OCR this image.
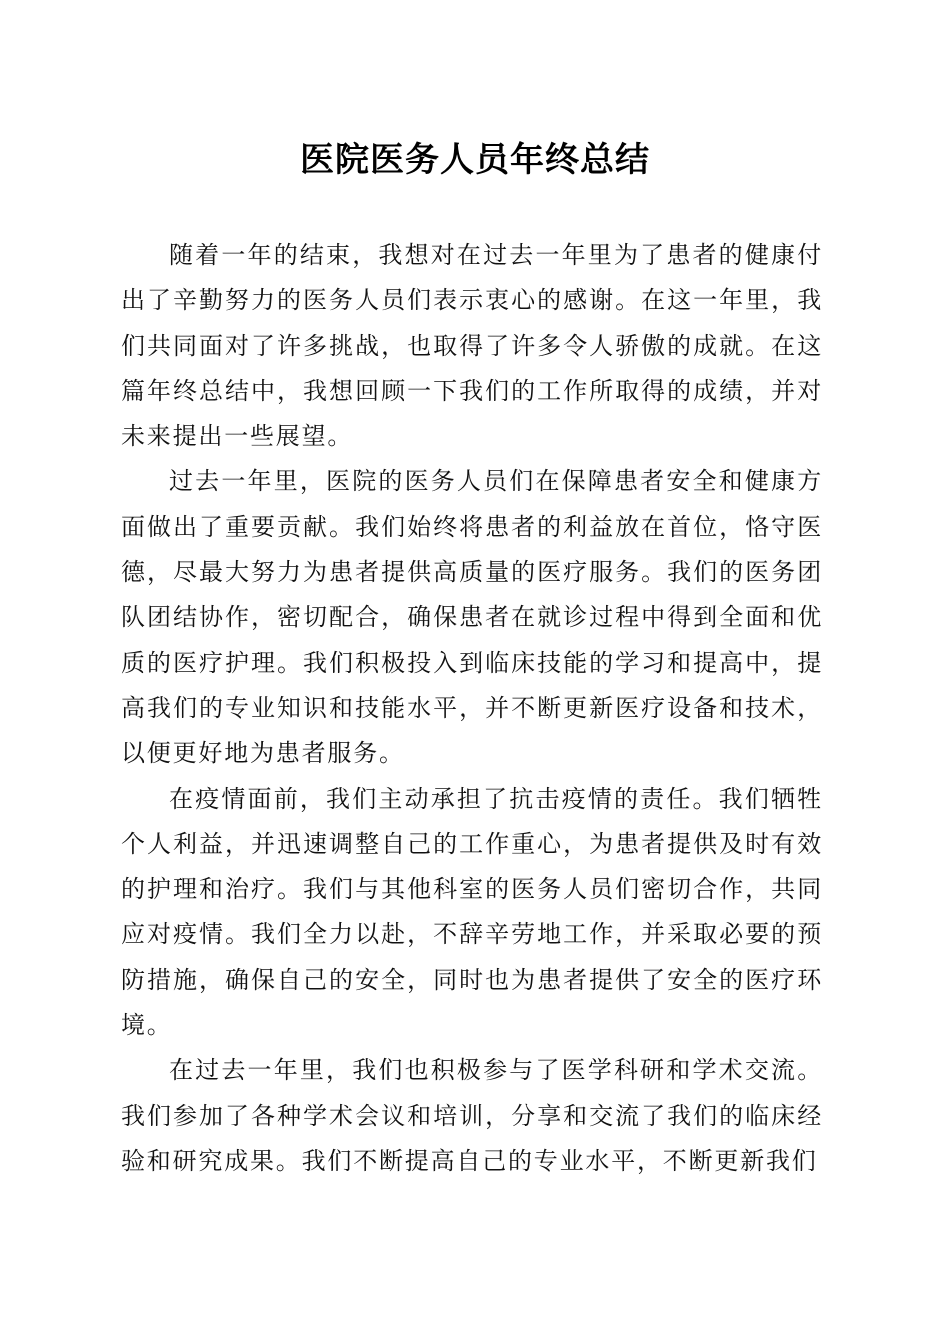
医院医务人员年终总结

随着一年的结束，我想对在过去一年里为了患者的健康付出了辛勤努力的医务人员们表示衷心的感谢。在这一年里，我们共同面对了许多挑战，也取得了许多令人骄傲的成就。在这篇年终总结中，我想回顾一下我们的工作所取得的成绩，并对未来提出一些展望。

过去一年里，医院的医务人员们在保障患者安全和健康方面做出了重要贡献。我们始终将患者的利益放在首位，恪守医德，尽最大努力为患者提供高质量的医疗服务。我们的医务团队团结协作，密切配合，确保患者在就诊过程中得到全面和优质的医疗护理。我们积极投入到临床技能的学习和提高中，提高我们的专业知识和技能水平，并不断更新医疗设备和技术，以便更好地为患者服务。

在疫情面前，我们主动承担了抗击疫情的责任。我们牺牲个人利益，并迅速调整自己的工作重心，为患者提供及时有效的护理和治疗。我们与其他科室的医务人员们密切合作，共同应对疫情。我们全力以赴，不辞辛劳地工作，并采取必要的预防措施，确保自己的安全，同时也为患者提供了安全的医疗环境。

在过去一年里，我们也积极参与了医学科研和学术交流。我们参加了各种学术会议和培训，分享和交流了我们的临床经验和研究成果。我们不断提高自己的专业水平，不断更新我们
